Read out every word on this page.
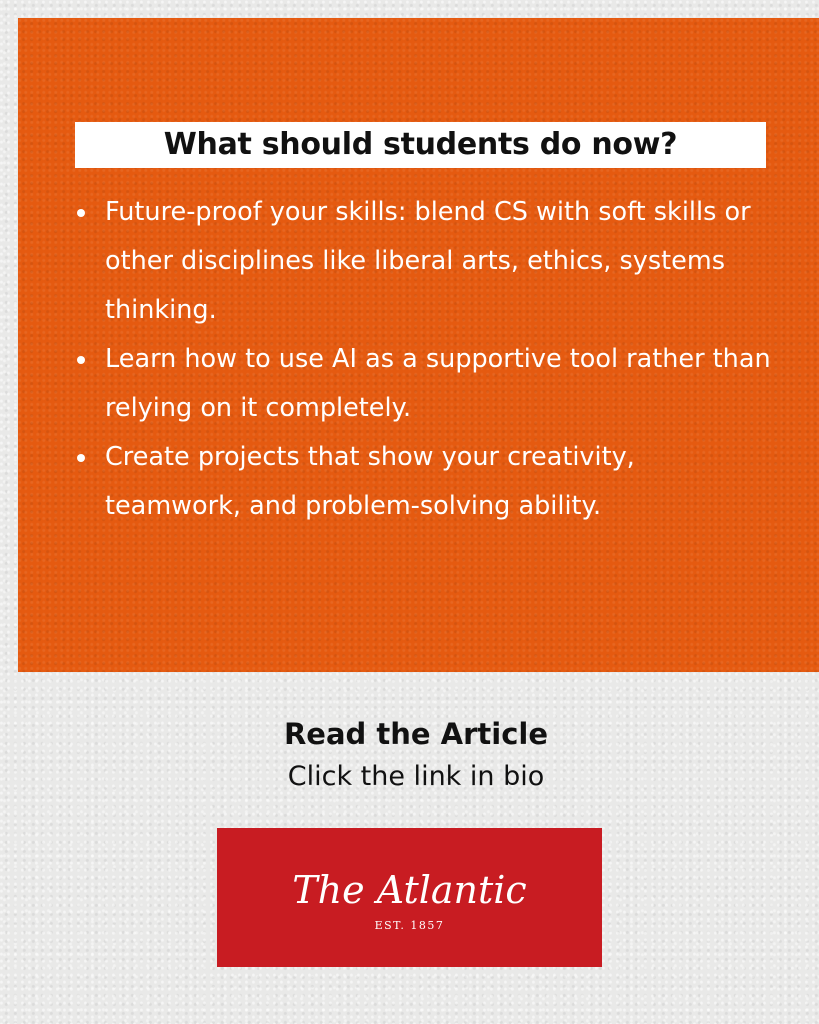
What should students do now?
Future-proof your skills: blend CS with soft skills or other disciplines like liberal arts, ethics, systems thinking.
Learn how to use AI as a supportive tool rather than relying on it completely.
Create projects that show your creativity, teamwork, and problem-solving ability.
Read the Article
Click the link in bio
The Atlantic
EST. 1857
